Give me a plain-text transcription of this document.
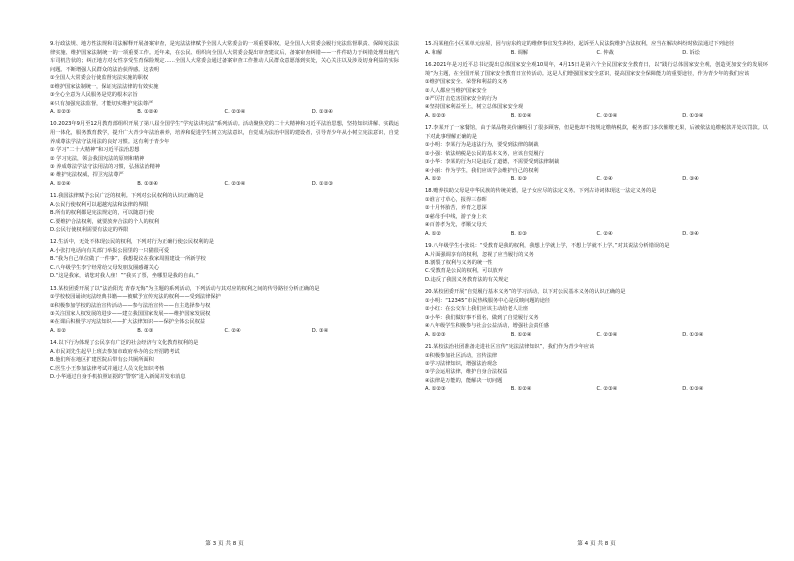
9.行政法规、地方性法规和司法解释开展备案审查，是宪法法律赋予全国人大常委会的一项重要职权，是全国人大常委会履行宪法监督职责、保障宪法法律实施、维护国家法制统一的一项重要工作。近年来，在公民、组织向全国人大常委会提出审查建议后，备案审查纠错——一件件助力于纠错处理出租汽车司机告状的；纠正地方对女性享受生育保险规定……全国人大常委会通过备案审查工作推动人民群众意愿落到实处，关心关注以及涉及切身利益的实际问题。不断增强人民群众的法治获得感。这表明

①全国人大常委会行使监督宪法实施的职权
②维护国家法制统一，保证宪法法律的有效实施
③全心全意为人民服务是党的根本宗旨
④只有加强宪法监督，才能切实维护宪法尊严
A. ①②③	B. ①②④	C. ②③④	D. ①③④

10.2023年9月至12月教育部组织开展了第八届全国学生“学宪法讲宪法”系列活动。活动聚焦党的二十大精神和习近平法治思想，坚持知识讲解、实践运用一体化，服务教育教学，提升广大青少年法治素养，培养和促进学生树立宪法意识，自觉成为法治中国的建设者，引导青少年从小树立宪法意识，自觉养成尊法学法守法用法的良好习惯。这有利于青少年

① 学习“二十大精神”和习近平法治思想
② 学习宪法，领会我国宪法的原则和精神
③ 养成尊法学法守法用法的习惯，弘扬法治精神
④ 维护宪法权威，捍卫宪法尊严
A. ①②④	B. ①③④	C. ②③④	D. ①②③

11.我国法律赋予公民广泛的权利。下列对公民权利的认识正确的是

A.公民行使权利可以超越宪法和法律的界限
B.所有的权利都是宪法规定的，可以随意行使
C.要维护合法权利，就要放弃合法的个人的权利
D.公民行使权利需要有法定的界限

12.生活中，无处不体现公民的权利，下列对行为正确行使公民权利的是

A.小张打电话向有关部门举报公园里的一只猫很可爱
B.“我为自己单位做了一件事”，我想提议在我家周围建设一所新学校
C.八年级学生李宁经常给父母发朋友圈感谢关心
D.“这是我家，请您对我人座！”“我买了票，坐哪里是我的自由。”

13.某校团委开展了以“法治阳光 青春无悔”为主题的系列活动，下列活动与其对应的权利之间的传导路径分析正确的是

①学校校园诵读宪法经典书籍——被赋予宣传宪法的权利——受到法律保护
②积极参加学校的法治宣传活动——参与法治宣传——自主选择参与权
③关注国家人权发展的进步——建立我国国家发展——维护国家发展权
④在课后积极学习宪法知识——扩大法律知识——保护全体公民权益
A. ①②	B. ①③	C. ②④	D. ③④

14.以下行为体现了公民享有广泛的社会经济与文化教育权利的是

A.市民刘先生起早上班去参加市政府举办的公开招聘考试
B.他们所在地区扩建医院后带有公共厕所面积
C.医生小王参加法律考试并通过人员文化知识考核
D.小华通过自身手机拍照证据的“警察”进入新闻并发布消息
第 3 页 共 8 页

15.冯某租住小区某单元房屋，因与房东约定的维修事宜发生纠纷，起诉至人民法院维护合法权利，应当在解决纠纷时依法通过下列途径

A. 和解	B. 调解	C. 仲裁	D. 诉讼

16.2021年是习近平总书记提出总体国家安全观10周年，4月15日是第六个全民国家安全教育日，以“践行总体国家安全观，创造更加安全的发展环境”为主题，在全国开展了国家安全教育日宣传活动。这是人们增强国家安全意识，提高国家安全保障能力的重要途径，作为青少年的我们应该

①维护国家安全、荣誉和利益的义务
②人人都应当维护国家安全
③严厉打击危害国家安全的行为
④坚持国家利益至上，树立总体国家安全观
A. ①②③	B. ①②④	C. ②③④	D. ①③④

17.李某开了一家餐馆，由于菜品物美价廉吸引了很多顾客，但是他却不按规定缴纳税款，税务部门多次催缴无果，后被依法追缴税款并处以罚款。以下对此事理解正确的是

①小明：李某行为是违法行为，要受到法律的制裁
②小强：依法纳税是公民的基本义务，应该自觉履行
③小华：李某的行为只是违反了道德，不需要受到法律制裁
④小丽：作为学生，我们应该学会维护自己的权利
A. ①②	B. ①③	C. ②④	D. ③④

18.赡养扶助父母是中华民族的传统美德，是子女应尽的法定义务。下列古诗词体现这一法定义务的是

①谁言寸草心，报得三春晖
②十月怀胎苦，养育之恩深
③慈母手中线，游子身上衣
④百善孝为先，孝顺父母天
A. ①②	B. ①③	C. ②④	D. ③④

19.八年级学生小张说：“受教育是我的权利，我想上学就上学，不想上学就不上学。”对其说法分析错误的是

A.片面强调享有的权利，忽视了应当履行的义务
B.割裂了权利与义务的统一性
C.受教育是公民的权利，可以放弃
D.违反了我国义务教育法的有关规定

20.某校团委开展“自觉履行基本义务”的学习活动，以下对公民基本义务的认识正确的是

①小明：“12345”市民热线服务中心是反映问题的途径
②小红：在公交车上我们应该主动给老人让座
③小华：我们做好事不留名，做到了自觉履行义务
④八年级学生积极参与社会公益活动，增强社会责任感
A. ①②③	B. ①②④	C. ②③④	D. ①③④

21.某校法治社团准备走进社区宣传“宪法法律知识”，我们作为青少年应该

①积极参加社区活动，宣传法律
②学习法律知识，增强法治观念
③学会运用法律，维护自身合法权益
④法律是万能的，能解决一切问题
A. ①②③	B. ①②④	C. ②③④	D. ①③④
第 4 页 共 8 页
